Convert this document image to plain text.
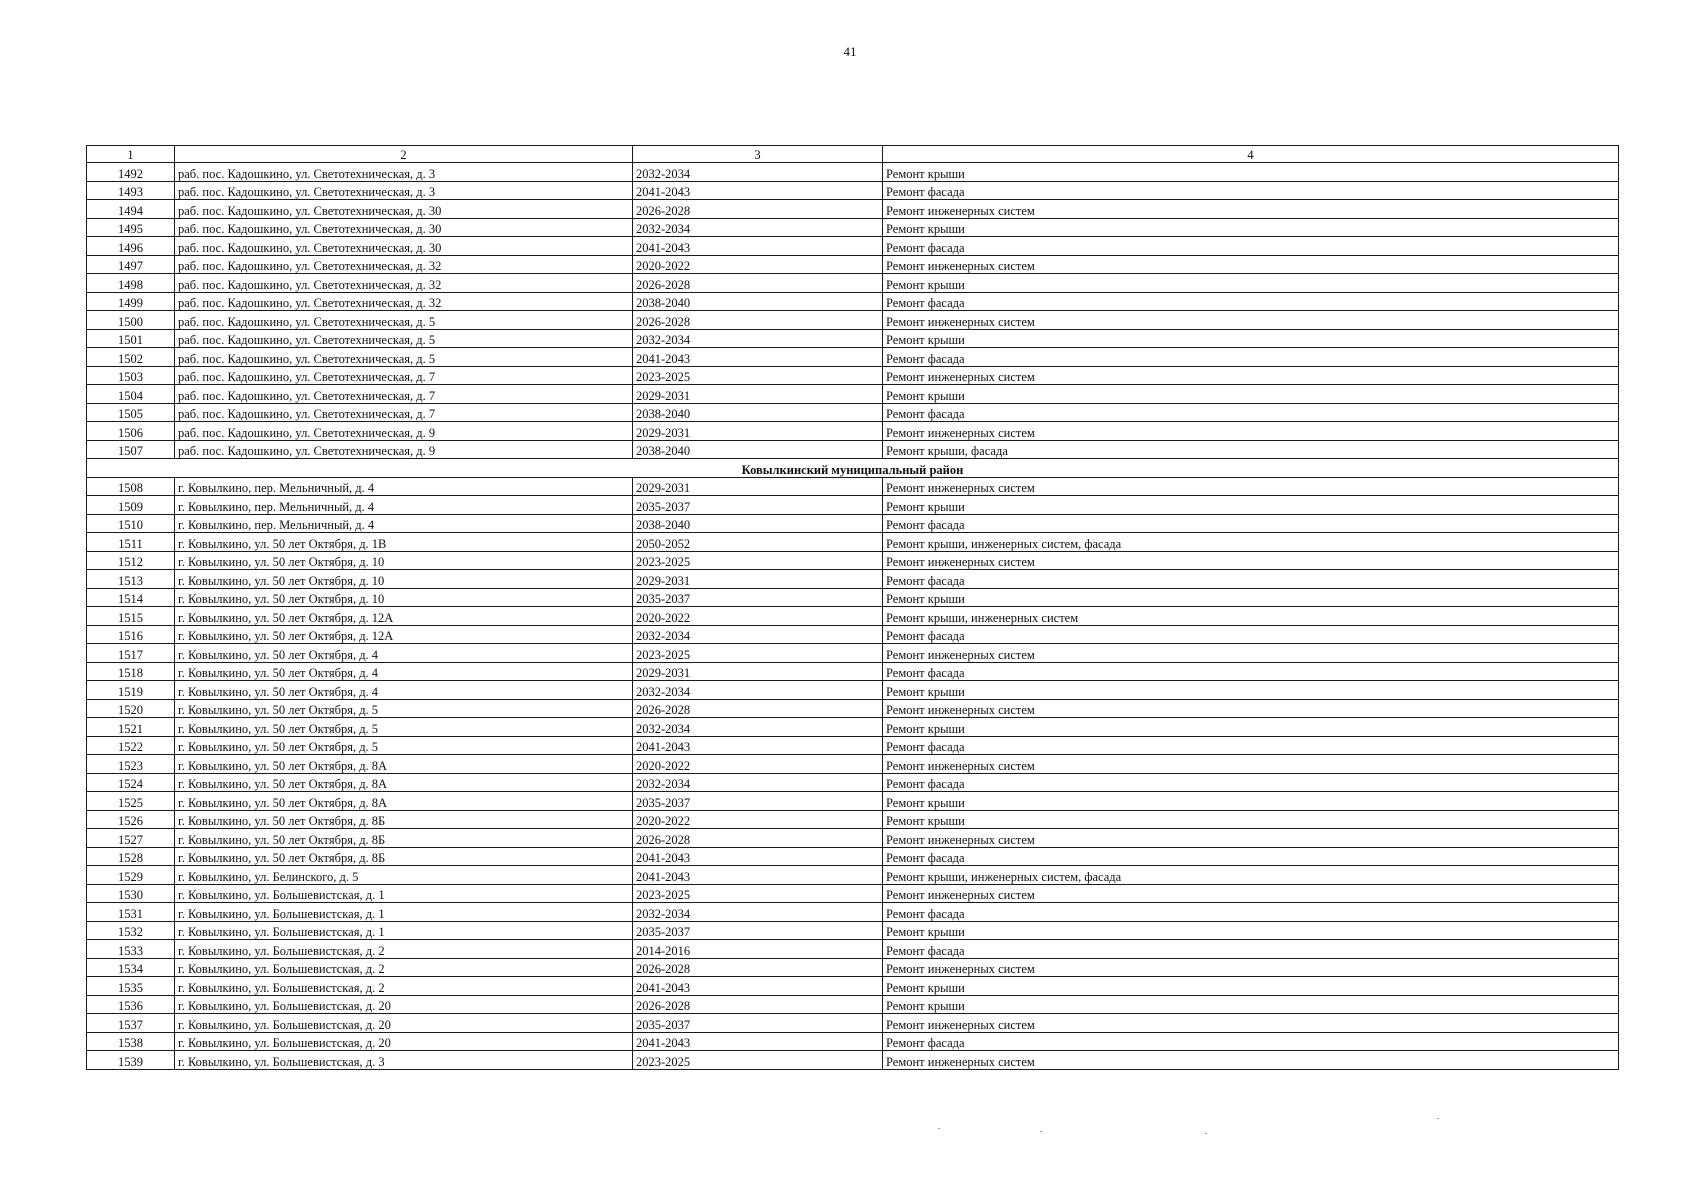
41
1	2	3	4
1492	раб. пос. Кадошкино, ул. Светотехническая, д. 3	2032-2034	Ремонт крыши
1493	раб. пос. Кадошкино, ул. Светотехническая, д. 3	2041-2043	Ремонт фасада
1494	раб. пос. Кадошкино, ул. Светотехническая, д. 30	2026-2028	Ремонт инженерных систем
1495	раб. пос. Кадошкино, ул. Светотехническая, д. 30	2032-2034	Ремонт крыши
1496	раб. пос. Кадошкино, ул. Светотехническая, д. 30	2041-2043	Ремонт фасада
1497	раб. пос. Кадошкино, ул. Светотехническая, д. 32	2020-2022	Ремонт инженерных систем
1498	раб. пос. Кадошкино, ул. Светотехническая, д. 32	2026-2028	Ремонт крыши
1499	раб. пос. Кадошкино, ул. Светотехническая, д. 32	2038-2040	Ремонт фасада
1500	раб. пос. Кадошкино, ул. Светотехническая, д. 5	2026-2028	Ремонт инженерных систем
1501	раб. пос. Кадошкино, ул. Светотехническая, д. 5	2032-2034	Ремонт крыши
1502	раб. пос. Кадошкино, ул. Светотехническая, д. 5	2041-2043	Ремонт фасада
1503	раб. пос. Кадошкино, ул. Светотехническая, д. 7	2023-2025	Ремонт инженерных систем
1504	раб. пос. Кадошкино, ул. Светотехническая, д. 7	2029-2031	Ремонт крыши
1505	раб. пос. Кадошкино, ул. Светотехническая, д. 7	2038-2040	Ремонт фасада
1506	раб. пос. Кадошкино, ул. Светотехническая, д. 9	2029-2031	Ремонт инженерных систем
1507	раб. пос. Кадошкино, ул. Светотехническая, д. 9	2038-2040	Ремонт крыши, фасада
Ковылкинский муниципальный район			
1508	г. Ковылкино, пер. Мельничный, д. 4	2029-2031	Ремонт инженерных систем
1509	г. Ковылкино, пер. Мельничный, д. 4	2035-2037	Ремонт крыши
1510	г. Ковылкино, пер. Мельничный, д. 4	2038-2040	Ремонт фасада
1511	г. Ковылкино, ул. 50 лет Октября, д. 1В	2050-2052	Ремонт крыши, инженерных систем, фасада
1512	г. Ковылкино, ул. 50 лет Октября, д. 10	2023-2025	Ремонт инженерных систем
1513	г. Ковылкино, ул. 50 лет Октября, д. 10	2029-2031	Ремонт фасада
1514	г. Ковылкино, ул. 50 лет Октября, д. 10	2035-2037	Ремонт крыши
1515	г. Ковылкино, ул. 50 лет Октября, д. 12А	2020-2022	Ремонт крыши, инженерных систем
1516	г. Ковылкино, ул. 50 лет Октября, д. 12А	2032-2034	Ремонт фасада
1517	г. Ковылкино, ул. 50 лет Октября, д. 4	2023-2025	Ремонт инженерных систем
1518	г. Ковылкино, ул. 50 лет Октября, д. 4	2029-2031	Ремонт фасада
1519	г. Ковылкино, ул. 50 лет Октября, д. 4	2032-2034	Ремонт крыши
1520	г. Ковылкино, ул. 50 лет Октября, д. 5	2026-2028	Ремонт инженерных систем
1521	г. Ковылкино, ул. 50 лет Октября, д. 5	2032-2034	Ремонт крыши
1522	г. Ковылкино, ул. 50 лет Октября, д. 5	2041-2043	Ремонт фасада
1523	г. Ковылкино, ул. 50 лет Октября, д. 8А	2020-2022	Ремонт инженерных систем
1524	г. Ковылкино, ул. 50 лет Октября, д. 8А	2032-2034	Ремонт фасада
1525	г. Ковылкино, ул. 50 лет Октября, д. 8А	2035-2037	Ремонт крыши
1526	г. Ковылкино, ул. 50 лет Октября, д. 8Б	2020-2022	Ремонт крыши
1527	г. Ковылкино, ул. 50 лет Октября, д. 8Б	2026-2028	Ремонт инженерных систем
1528	г. Ковылкино, ул. 50 лет Октября, д. 8Б	2041-2043	Ремонт фасада
1529	г. Ковылкино, ул. Белинского, д. 5	2041-2043	Ремонт крыши, инженерных систем, фасада
1530	г. Ковылкино, ул. Большевистская, д. 1	2023-2025	Ремонт инженерных систем
1531	г. Ковылкино, ул. Большевистская, д. 1	2032-2034	Ремонт фасада
1532	г. Ковылкино, ул. Большевистская, д. 1	2035-2037	Ремонт крыши
1533	г. Ковылкино, ул. Большевистская, д. 2	2014-2016	Ремонт фасада
1534	г. Ковылкино, ул. Большевистская, д. 2	2026-2028	Ремонт инженерных систем
1535	г. Ковылкино, ул. Большевистская, д. 2	2041-2043	Ремонт крыши
1536	г. Ковылкино, ул. Большевистская, д. 20	2026-2028	Ремонт крыши
1537	г. Ковылкино, ул. Большевистская, д. 20	2035-2037	Ремонт инженерных систем
1538	г. Ковылкино, ул. Большевистская, д. 20	2041-2043	Ремонт фасада
1539	г. Ковылкино, ул. Большевистская, д. 3	2023-2025	Ремонт инженерных систем
